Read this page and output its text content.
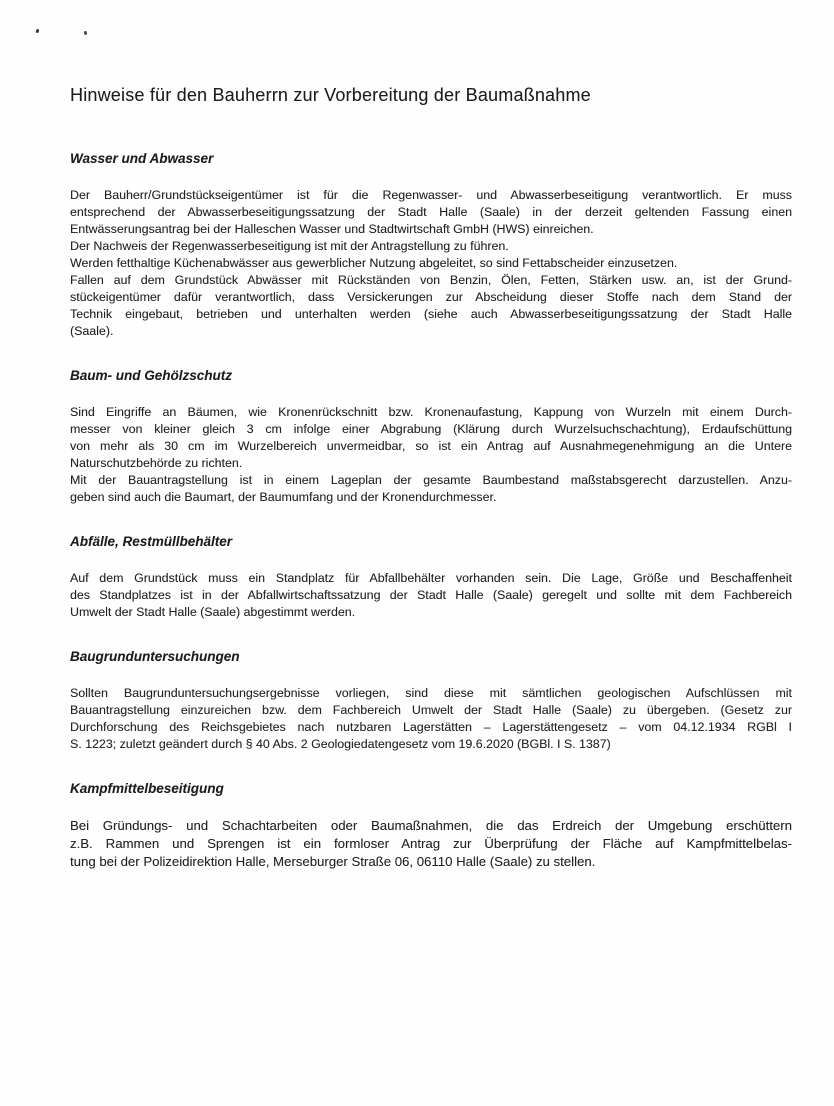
Hinweise für den Bauherrn zur Vorbereitung der Baumaßnahme
Wasser und Abwasser
Der Bauherr/Grundstückseigentümer ist für die Regenwasser- und Abwasserbeseitigung verantwortlich. Er muss
entsprechend der Abwasserbeseitigungssatzung der Stadt Halle (Saale) in der derzeit geltenden Fassung einen
Entwässerungsantrag bei der Halleschen Wasser und Stadtwirtschaft GmbH (HWS) einreichen.
Der Nachweis der Regenwasserbeseitigung ist mit der Antragstellung zu führen.
Werden fetthaltige Küchenabwässer aus gewerblicher Nutzung abgeleitet, so sind Fettabscheider einzusetzen.
Fallen auf dem Grundstück Abwässer mit Rückständen von Benzin, Ölen, Fetten, Stärken usw. an, ist der Grund-
stückeigentümer dafür verantwortlich, dass Versickerungen zur Abscheidung dieser Stoffe nach dem Stand der
Technik eingebaut, betrieben und unterhalten werden (siehe auch Abwasserbeseitigungssatzung der Stadt Halle
(Saale).
Baum- und Gehölzschutz
Sind Eingriffe an Bäumen, wie Kronenrückschnitt bzw. Kronenaufastung, Kappung von Wurzeln mit einem Durch-
messer von kleiner gleich 3 cm infolge einer Abgrabung (Klärung durch Wurzelsuchschachtung), Erdaufschüttung
von mehr als 30 cm im Wurzelbereich unvermeidbar, so ist ein Antrag auf Ausnahmegenehmigung an die Untere
Naturschutzbehörde zu richten.
Mit der Bauantragstellung ist in einem Lageplan der gesamte Baumbestand maßstabsgerecht darzustellen. Anzu-
geben sind auch die Baumart, der Baumumfang und der Kronendurchmesser.
Abfälle, Restmüllbehälter
Auf dem Grundstück muss ein Standplatz für Abfallbehälter vorhanden sein. Die Lage, Größe und Beschaffenheit
des Standplatzes ist in der Abfallwirtschaftssatzung der Stadt Halle (Saale) geregelt und sollte mit dem Fachbereich
Umwelt der Stadt Halle (Saale) abgestimmt werden.
Baugrunduntersuchungen
Sollten Baugrunduntersuchungsergebnisse vorliegen, sind diese mit sämtlichen geologischen Aufschlüssen mit
Bauantragstellung einzureichen bzw. dem Fachbereich Umwelt der Stadt Halle (Saale) zu übergeben. (Gesetz zur
Durchforschung des Reichsgebietes nach nutzbaren Lagerstätten – Lagerstättengesetz – vom 04.12.1934 RGBl I
S. 1223; zuletzt geändert durch § 40 Abs. 2 Geologiedatengesetz vom 19.6.2020 (BGBl. I S. 1387)
Kampfmittelbeseitigung
Bei Gründungs- und Schachtarbeiten oder Baumaßnahmen, die das Erdreich der Umgebung erschüttern
z.B. Rammen und Sprengen ist ein formloser Antrag zur Überprüfung der Fläche auf Kampfmittelbelas-
tung bei der Polizeidirektion Halle, Merseburger Straße 06, 06110 Halle (Saale) zu stellen.
